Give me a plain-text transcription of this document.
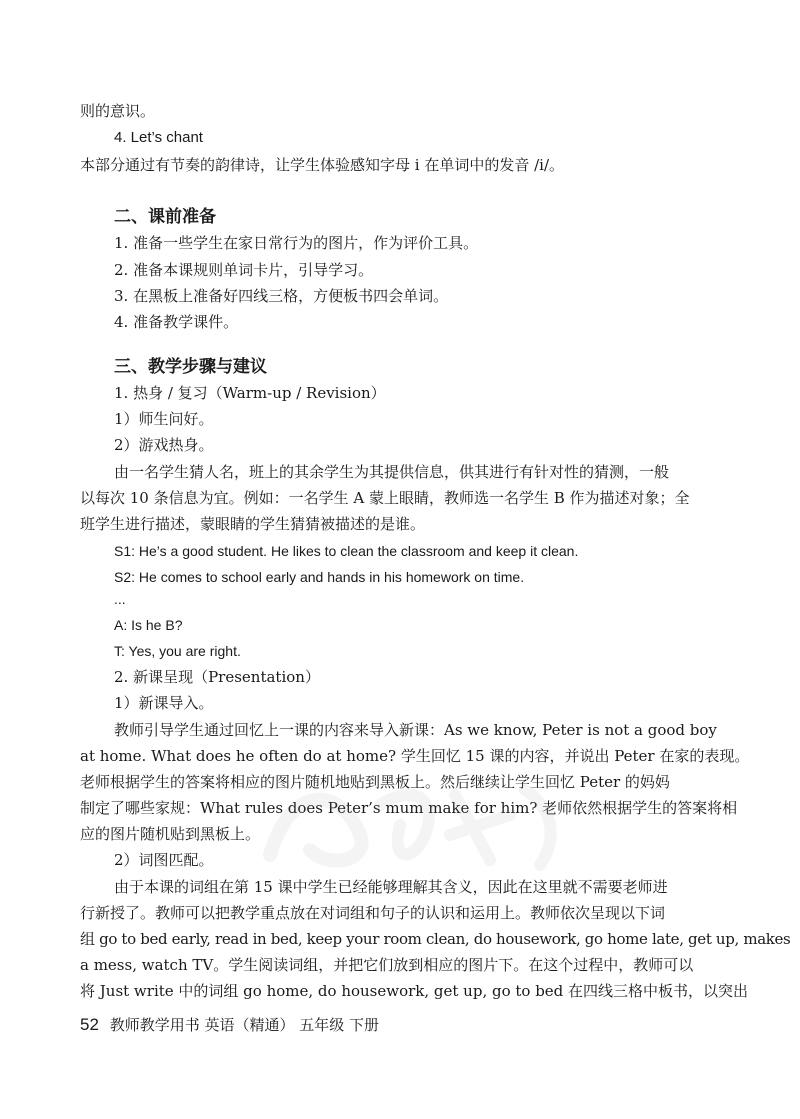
则的意识。
4. Let’s chant
本部分通过有节奏的韵律诗，让学生体验感知字母 i 在单词中的发音 /i/。
二、课前准备
1. 准备一些学生在家日常行为的图片，作为评价工具。
2. 准备本课规则单词卡片，引导学习。
3. 在黑板上准备好四线三格，方便板书四会单词。
4. 准备教学课件。
三、教学步骤与建议
1. 热身 / 复习（Warm-up / Revision）
1）师生问好。
2）游戏热身。
由一名学生猜人名，班上的其余学生为其提供信息，供其进行有针对性的猜测，一般
以每次 10 条信息为宜。例如：一名学生 A 蒙上眼睛，教师选一名学生 B 作为描述对象；全
班学生进行描述，蒙眼睛的学生猜猜被描述的是谁。
S1: He’s a good student. He likes to clean the classroom and keep it clean.
S2: He comes to school early and hands in his homework on time.
...
A: Is he B?
T: Yes, you are right.
2. 新课呈现（Presentation）
1）新课导入。
教师引导学生通过回忆上一课的内容来导入新课：As we know, Peter is not a good boy
at home. What does he often do at home? 学生回忆 15 课的内容，并说出 Peter 在家的表现。
老师根据学生的答案将相应的图片随机地贴到黑板上。然后继续让学生回忆 Peter 的妈妈
制定了哪些家规：What rules does Peter’s mum make for him? 老师依然根据学生的答案将相
应的图片随机贴到黑板上。
2）词图匹配。
由于本课的词组在第 15 课中学生已经能够理解其含义，因此在这里就不需要老师进
行新授了。教师可以把教学重点放在对词组和句子的认识和运用上。教师依次呈现以下词
组 go to bed early, read in bed, keep your room clean, do housework, go home late, get up, makes
a mess, watch TV。学生阅读词组，并把它们放到相应的图片下。在这个过程中，教师可以
将 Just write 中的词组 go home, do housework, get up, go to bed 在四线三格中板书，以突出
52 教师教学用书 英语（精通） 五年级 下册
